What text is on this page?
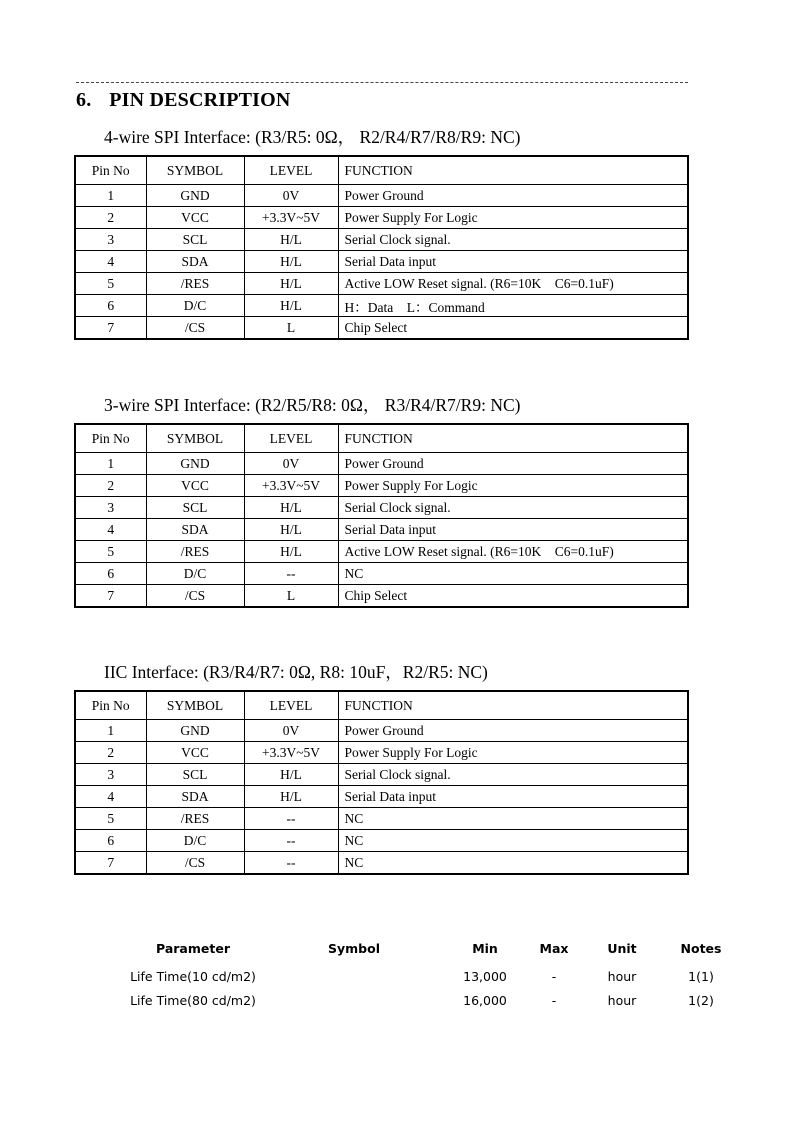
6. PIN DESCRIPTION
4-wire SPI Interface: (R3/R5: 0Ω， R2/R4/R7/R8/R9: NC)
Pin No	SYMBOL	LEVEL	FUNCTION
1	GND	0V	Power Ground
2	VCC	+3.3V~5V	Power Supply For Logic
3	SCL	H/L	Serial Clock signal.
4	SDA	H/L	Serial Data input
5	/RES	H/L	Active LOW Reset signal. (R6=10K    C6=0.1uF)
6	D/C	H/L	H：Data    L：Command
7	/CS	L	Chip Select
3-wire SPI Interface: (R2/R5/R8: 0Ω， R3/R4/R7/R9: NC)
Pin No	SYMBOL	LEVEL	FUNCTION
1	GND	0V	Power Ground
2	VCC	+3.3V~5V	Power Supply For Logic
3	SCL	H/L	Serial Clock signal.
4	SDA	H/L	Serial Data input
5	/RES	H/L	Active LOW Reset signal. (R6=10K    C6=0.1uF)
6	D/C	--	NC
7	/CS	L	Chip Select
IIC Interface: (R3/R4/R7: 0Ω, R8: 10uF，R2/R5: NC)
Pin No	SYMBOL	LEVEL	FUNCTION
1	GND	0V	Power Ground
2	VCC	+3.3V~5V	Power Supply For Logic
3	SCL	H/L	Serial Clock signal.
4	SDA	H/L	Serial Data input
5	/RES	--	NC
6	D/C	--	NC
7	/CS	--	NC
Parameter	Symbol	Min	Max	Unit	Notes

Life Time(10 cd/m2)		13,000	-	hour	1(1)
Life Time(80 cd/m2)		16,000	-	hour	1(2)
